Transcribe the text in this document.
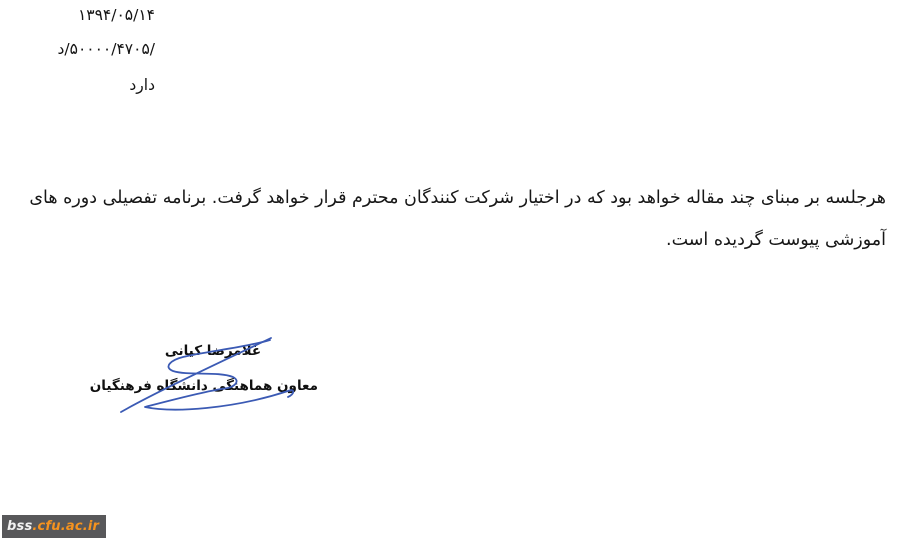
۱۳۹۴/۰۵/۱۴
د/۵۰۰۰۰/۴۷۰۵/
دارد
هرجلسه بر مبنای چند مقاله خواهد بود که در اختیار شرکت کنندگان محترم قرار خواهد گرفت. برنامه تفصیلی دوره های
آموزشی پیوست گردیده است.
غلامرضا کیانی
معاون هماهنگی دانشگاه فرهنگیان
bss .cfu.ac.ir
